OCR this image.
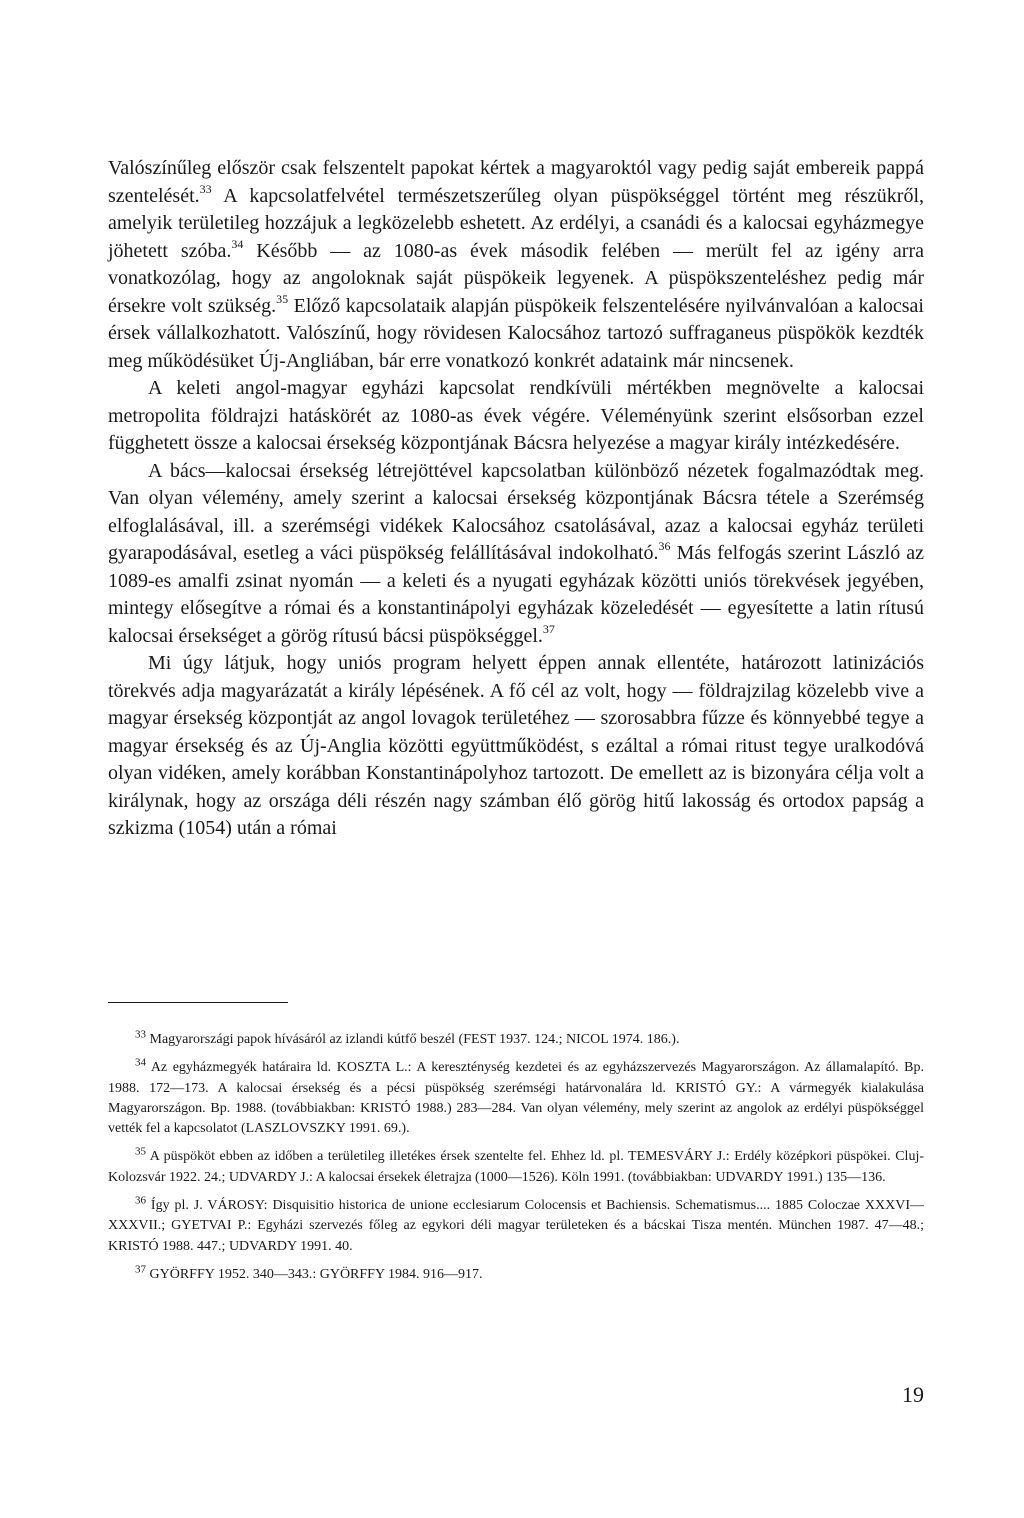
Valószínűleg először csak felszentelt papokat kértek a magyaroktól vagy pedig saját embereik pappá szentelését.$^{33}$ A kapcsolatfelvétel természetszerűleg olyan püspökséggel történt meg részükről, amelyik területileg hozzájuk a legközelebb eshetett. Az erdélyi, a csanádi és a kalocsai egyházmegye jöhetett szóba.$^{34}$ Később — az 1080-as évek második felében — merült fel az igény arra vonatkozólag, hogy az angoloknak saját püspökeik legyenek. A püspökszenteléshez pedig már érsekre volt szükség.$^{35}$ Előző kapcsolataik alapján püspökeik felszentelésére nyilvánvalóan a kalocsai érsek vállalkozhatott. Valószínű, hogy rövidesen Kalocsához tartozó suffraganeus püspökök kezdték meg működésüket Új-Angliában, bár erre vonatkozó konkrét adataink már nincsenek.

A keleti angol-magyar egyházi kapcsolat rendkívüli mértékben megnövelte a kalocsai metropolita földrajzi hatáskörét az 1080-as évek végére. Véleményünk szerint elsősorban ezzel függhetett össze a kalocsai érsekség központjának Bácsra helyezése a magyar király intézkedésére.

A bács—kalocsai érsekség létrejöttével kapcsolatban különböző nézetek fogalmazódtak meg. Van olyan vélemény, amely szerint a kalocsai érsekség központjának Bácsra tétele a Szerémség elfoglalásával, ill. a szerémségi vidékek Kalocsához csatolásával, azaz a kalocsai egyház területi gyarapodásával, esetleg a váci püspökség felállításával indokolható.$^{36}$ Más felfogás szerint László az 1089-es amalfi zsinat nyomán — a keleti és a nyugati egyházak közötti uniós törekvések jegyében, mintegy elősegítve a római és a konstantinápolyi egyházak közeledését — egyesítette a latin rítusú kalocsai érsekséget a görög rítusú bácsi püspökséggel.$^{37}$

Mi úgy látjuk, hogy uniós program helyett éppen annak ellentéte, határozott latinizációs törekvés adja magyarázatát a király lépésének. A fő cél az volt, hogy — földrajzilag közelebb vive a magyar érsekség központját az angol lovagok területéhez — szorosabbra fűzze és könnyebbé tegye a magyar érsekség és az Új-Anglia közötti együttműködést, s ezáltal a római ritust tegye uralkodóvá olyan vidéken, amely korábban Konstantinápolyhoz tartozott. De emellett az is bizonyára célja volt a királynak, hogy az országa déli részén nagy számban élő görög hitű lakosság és ortodox papság a szkizma (1054) után a római

$^{33}$ Magyarországi papok hívásáról az izlandi kútfő beszél (FEST 1937. 124.; NICOL 1974. 186.).

$^{34}$ Az egyházmegyék határaira ld. KOSZTA L.: A kereszténység kezdetei és az egyházszervezés Magyarországon. Az államalapító. Bp. 1988. 172—173. A kalocsai érsekség és a pécsi püspökség szerémségi határvonalára ld. KRISTÓ GY.: A vármegyék kialakulása Magyarországon. Bp. 1988. (továbbiakban: KRISTÓ 1988.) 283—284. Van olyan vélemény, mely szerint az angolok az erdélyi püspökséggel vették fel a kapcsolatot (LASZLOVSZKY 1991. 69.).

$^{35}$ A püspököt ebben az időben a területileg illetékes érsek szentelte fel. Ehhez ld. pl. TEMESVÁRY J.: Erdély középkori püspökei. Cluj-Kolozsvár 1922. 24.; UDVARDY J.: A kalocsai érsekek életrajza (1000—1526). Köln 1991. (továbbiakban: UDVARDY 1991.) 135—136.

$^{36}$ Így pl. J. VÁROSY: Disquisitio historica de unione ecclesiarum Colocensis et Bachiensis. Schematismus.... 1885 Coloczae XXXVI—XXXVII.; GYETVAI P.: Egyházi szervezés főleg az egykori déli magyar területeken és a bácskai Tisza mentén. München 1987. 47—48.; KRISTÓ 1988. 447.; UDVARDY 1991. 40.

$^{37}$ GYÖRFFY 1952. 340—343.: GYÖRFFY 1984. 916—917.

19
